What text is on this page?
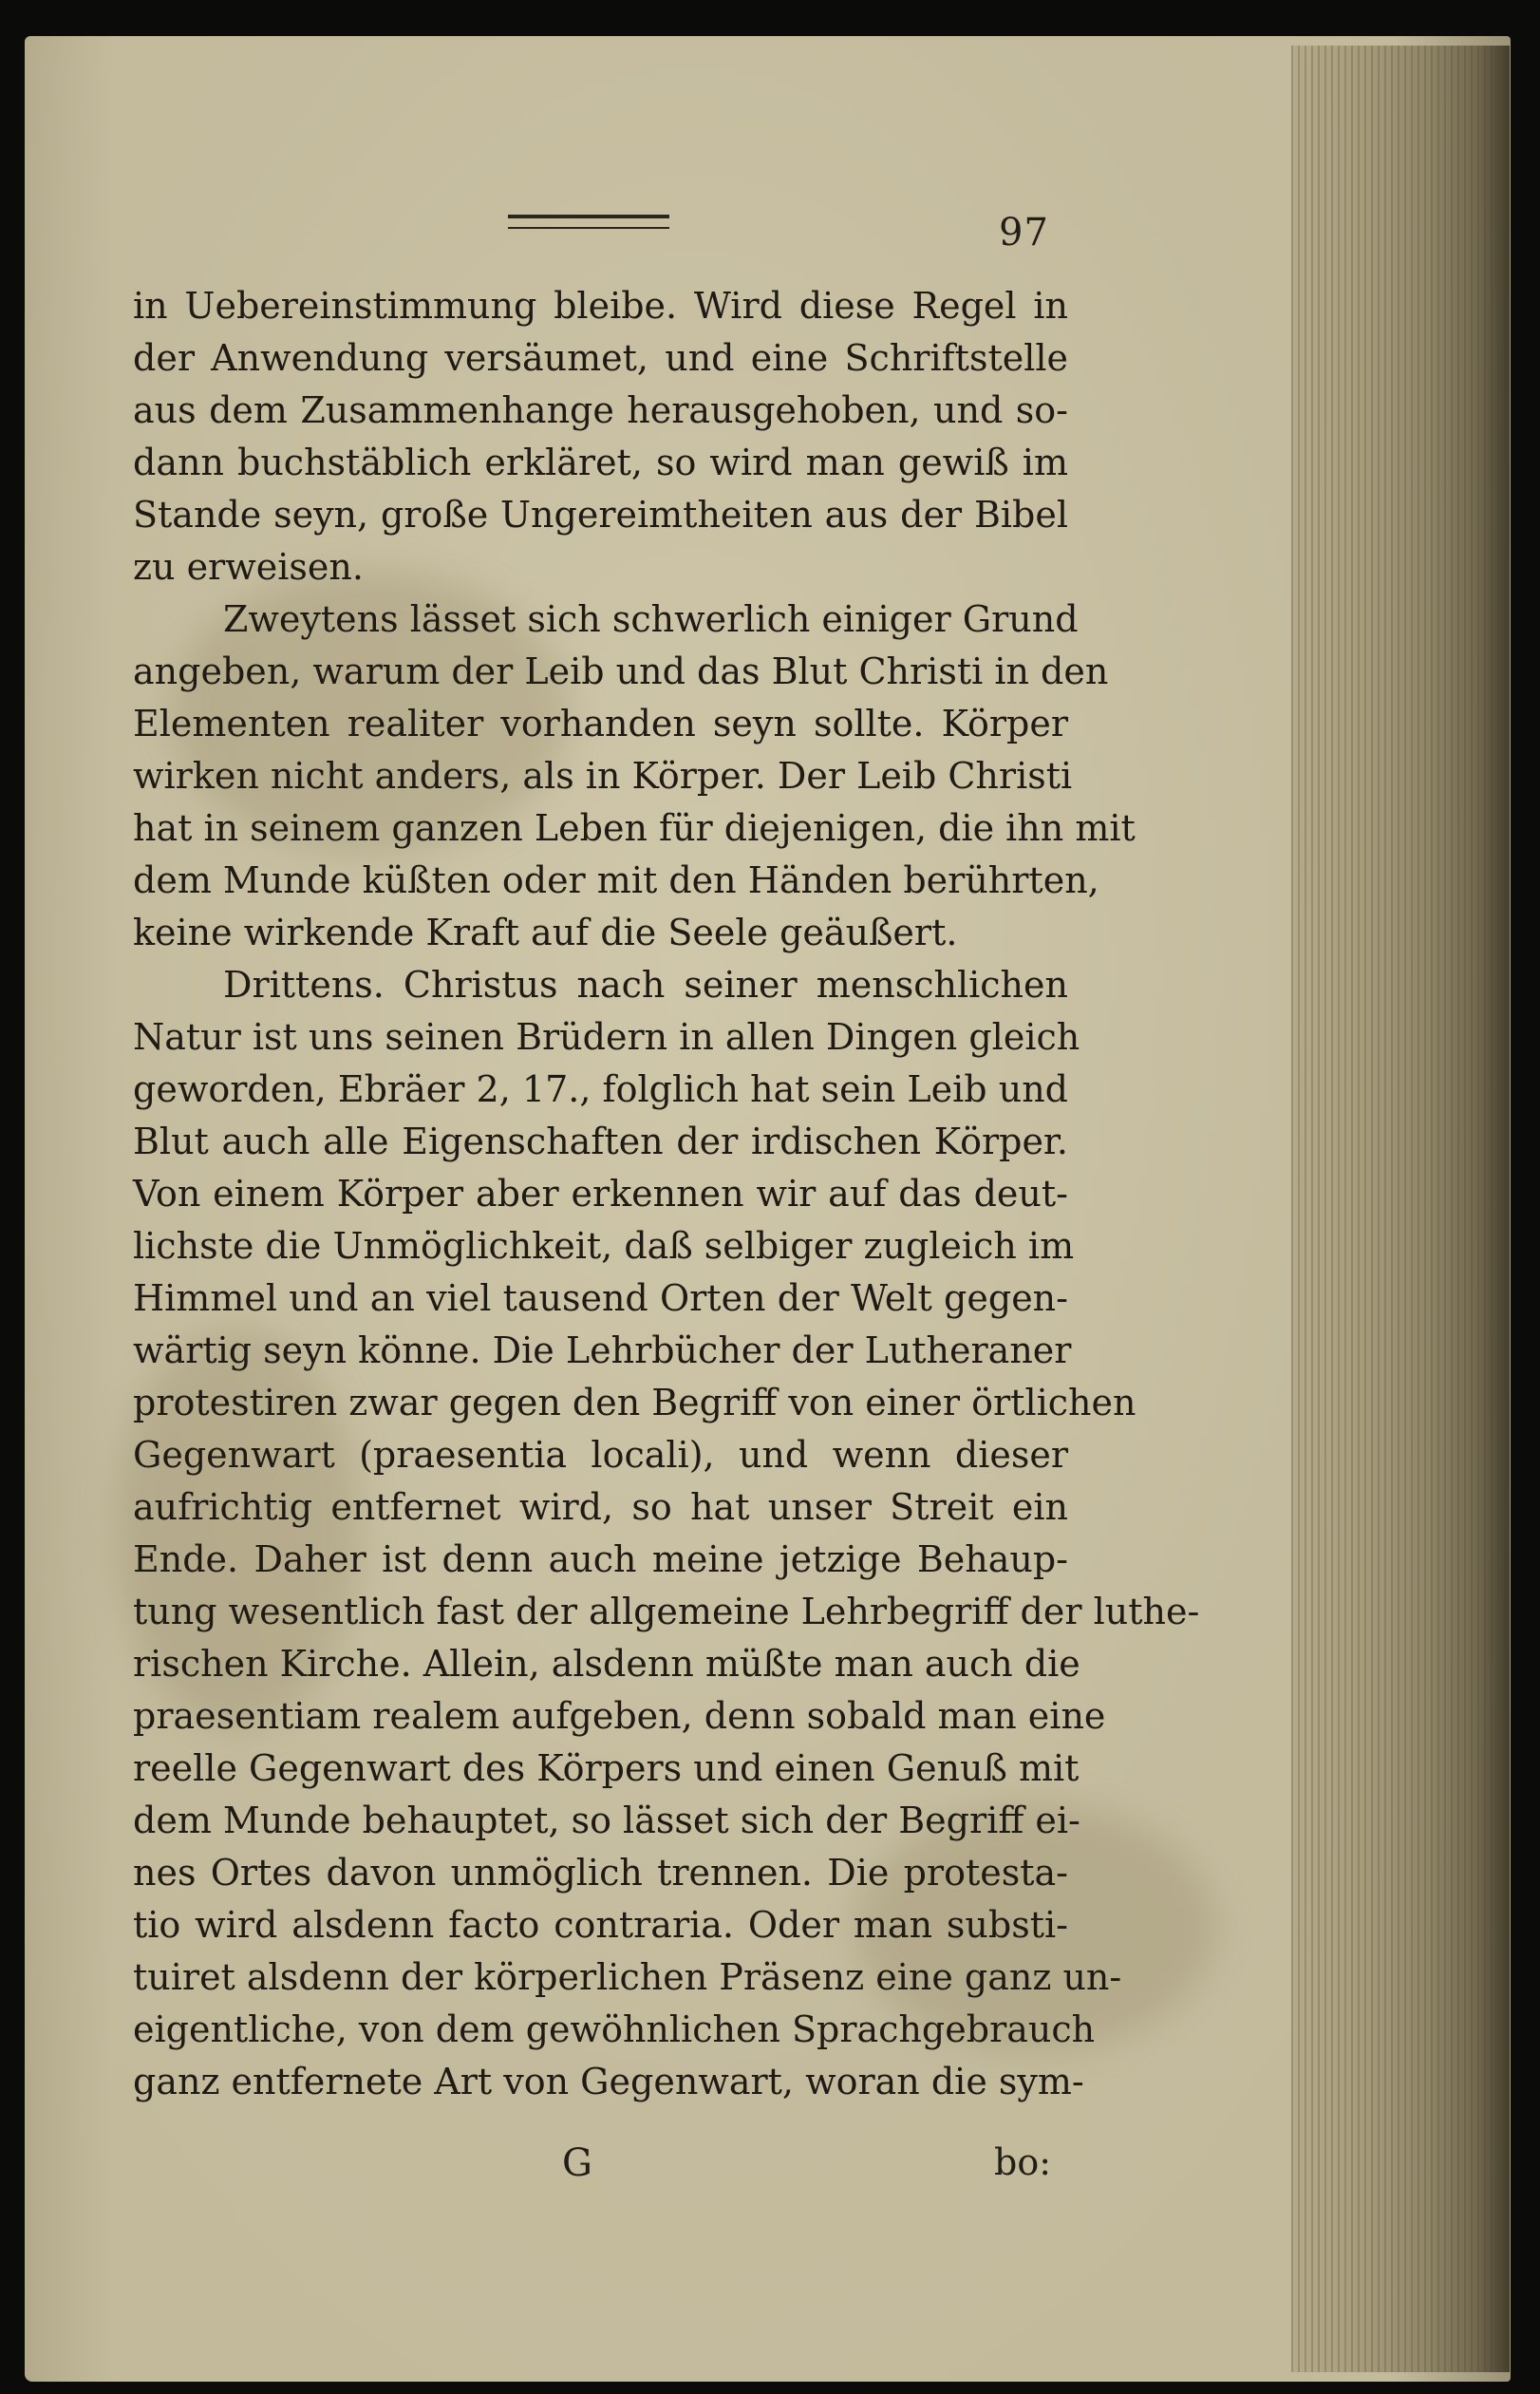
97
in Uebereinstimmung bleibe. Wird diese Regel in
der Anwendung versäumet, und eine Schriftstelle
aus dem Zusammenhange herausgehoben, und so-
dann buchstäblich erkläret, so wird man gewiß im
Stande seyn, große Ungereimtheiten aus der Bibel
zu erweisen.
Zweytens lässet sich schwerlich einiger Grund
angeben, warum der Leib und das Blut Christi in den
Elementen realiter vorhanden seyn sollte. Körper
wirken nicht anders, als in Körper. Der Leib Christi
hat in seinem ganzen Leben für diejenigen, die ihn mit
dem Munde küßten oder mit den Händen berührten,
keine wirkende Kraft auf die Seele geäußert.
Drittens. Christus nach seiner menschlichen
Natur ist uns seinen Brüdern in allen Dingen gleich
geworden, Ebräer 2, 17., folglich hat sein Leib und
Blut auch alle Eigenschaften der irdischen Körper.
Von einem Körper aber erkennen wir auf das deut-
lichste die Unmöglichkeit, daß selbiger zugleich im
Himmel und an viel tausend Orten der Welt gegen-
wärtig seyn könne. Die Lehrbücher der Lutheraner
protestiren zwar gegen den Begriff von einer örtlichen
Gegenwart (praesentia locali), und wenn dieser
aufrichtig entfernet wird, so hat unser Streit ein
Ende. Daher ist denn auch meine jetzige Behaup-
tung wesentlich fast der allgemeine Lehrbegriff der luthe-
rischen Kirche. Allein, alsdenn müßte man auch die
praesentiam realem aufgeben, denn sobald man eine
reelle Gegenwart des Körpers und einen Genuß mit
dem Munde behauptet, so lässet sich der Begriff ei-
nes Ortes davon unmöglich trennen. Die protesta-
tio wird alsdenn facto contraria. Oder man substi-
tuiret alsdenn der körperlichen Präsenz eine ganz un-
eigentliche, von dem gewöhnlichen Sprachgebrauch
ganz entfernete Art von Gegenwart, woran die sym-
G	bo:
